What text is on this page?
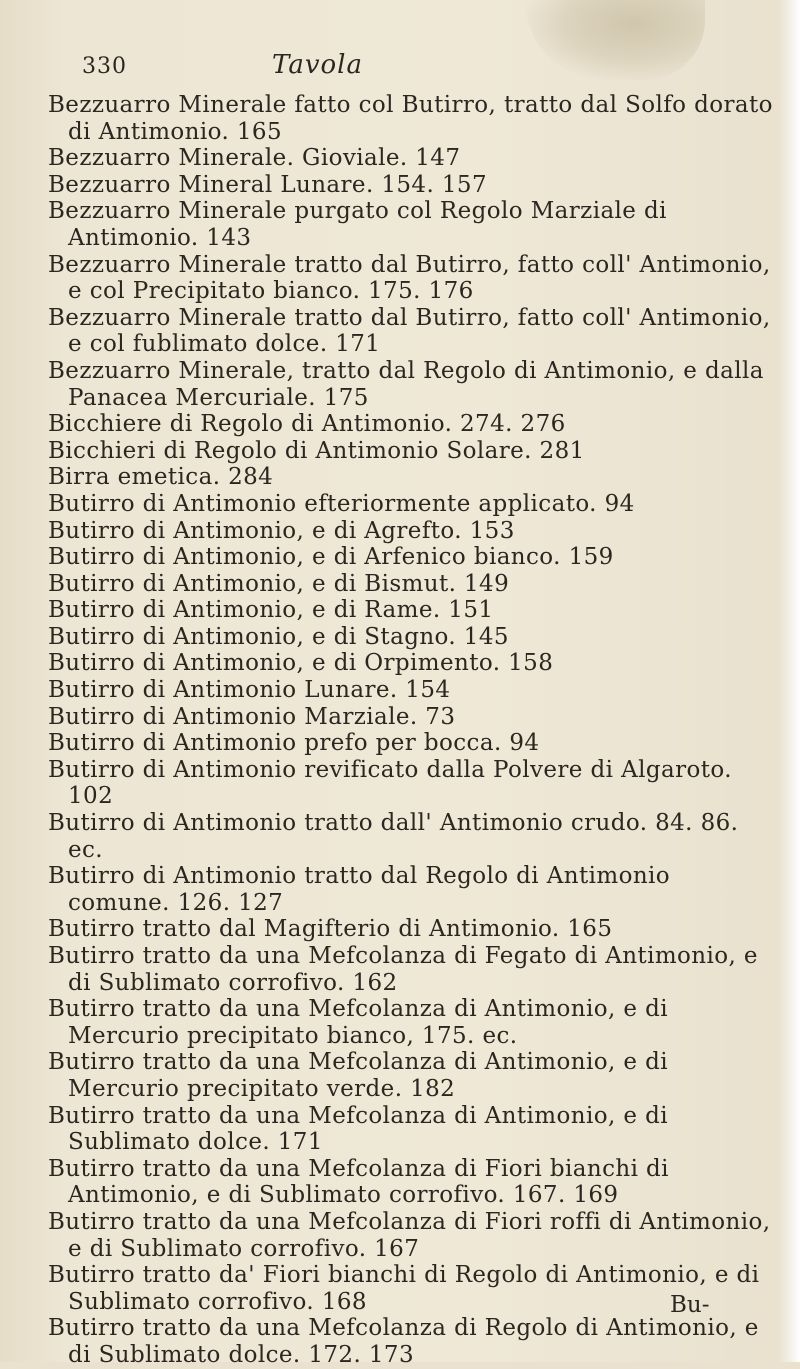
330	Tavola
Bezzuarro Minerale fatto col Butirro, tratto dal Solfo dorato di Antimonio. 165
Bezzuarro Minerale. Gioviale. 147
Bezzuarro Mineral Lunare. 154. 157
Bezzuarro Minerale purgato col Regolo Marziale di Antimonio. 143
Bezzuarro Minerale tratto dal Butirro, fatto coll' Antimonio, e col Precipitato bianco. 175. 176
Bezzuarro Minerale tratto dal Butirro, fatto coll' Antimonio, e col fublimato dolce. 171
Bezzuarro Minerale, tratto dal Regolo di Antimonio, e dalla Panacea Mercuriale. 175
Bicchiere di Regolo di Antimonio. 274. 276
Bicchieri di Regolo di Antimonio Solare. 281
Birra emetica. 284
Butirro di Antimonio efteriormente applicato. 94
Butirro di Antimonio, e di Agrefto. 153
Butirro di Antimonio, e di Arfenico bianco. 159
Butirro di Antimonio, e di Bismut. 149
Butirro di Antimonio, e di Rame. 151
Butirro di Antimonio, e di Stagno. 145
Butirro di Antimonio, e di Orpimento. 158
Butirro di Antimonio Lunare. 154
Butirro di Antimonio Marziale. 73
Butirro di Antimonio prefo per bocca. 94
Butirro di Antimonio revificato dalla Polvere di Algaroto. 102
Butirro di Antimonio tratto dall' Antimonio crudo. 84. 86. ec.
Butirro di Antimonio tratto dal Regolo di Antimonio comune. 126. 127
Butirro tratto dal Magifterio di Antimonio. 165
Butirro tratto da una Mefcolanza di Fegato di Antimonio, e di Sublimato corrofivo. 162
Butirro tratto da una Mefcolanza di Antimonio, e di Mercurio precipitato bianco, 175. ec.
Butirro tratto da una Mefcolanza di Antimonio, e di Mercurio precipitato verde. 182
Butirro tratto da una Mefcolanza di Antimonio, e di Sublimato dolce. 171
Butirro tratto da una Mefcolanza di Fiori bianchi di Antimonio, e di Sublimato corrofivo. 167. 169
Butirro tratto da una Mefcolanza di Fiori roffi di Antimonio, e di Sublimato corrofivo. 167
Butirro tratto da' Fiori bianchi di Regolo di Antimonio, e di Sublimato corrofivo. 168
Butirro tratto da una Mefcolanza di Regolo di Antimonio, e di Sublimato dolce. 172. 173
Bu-
